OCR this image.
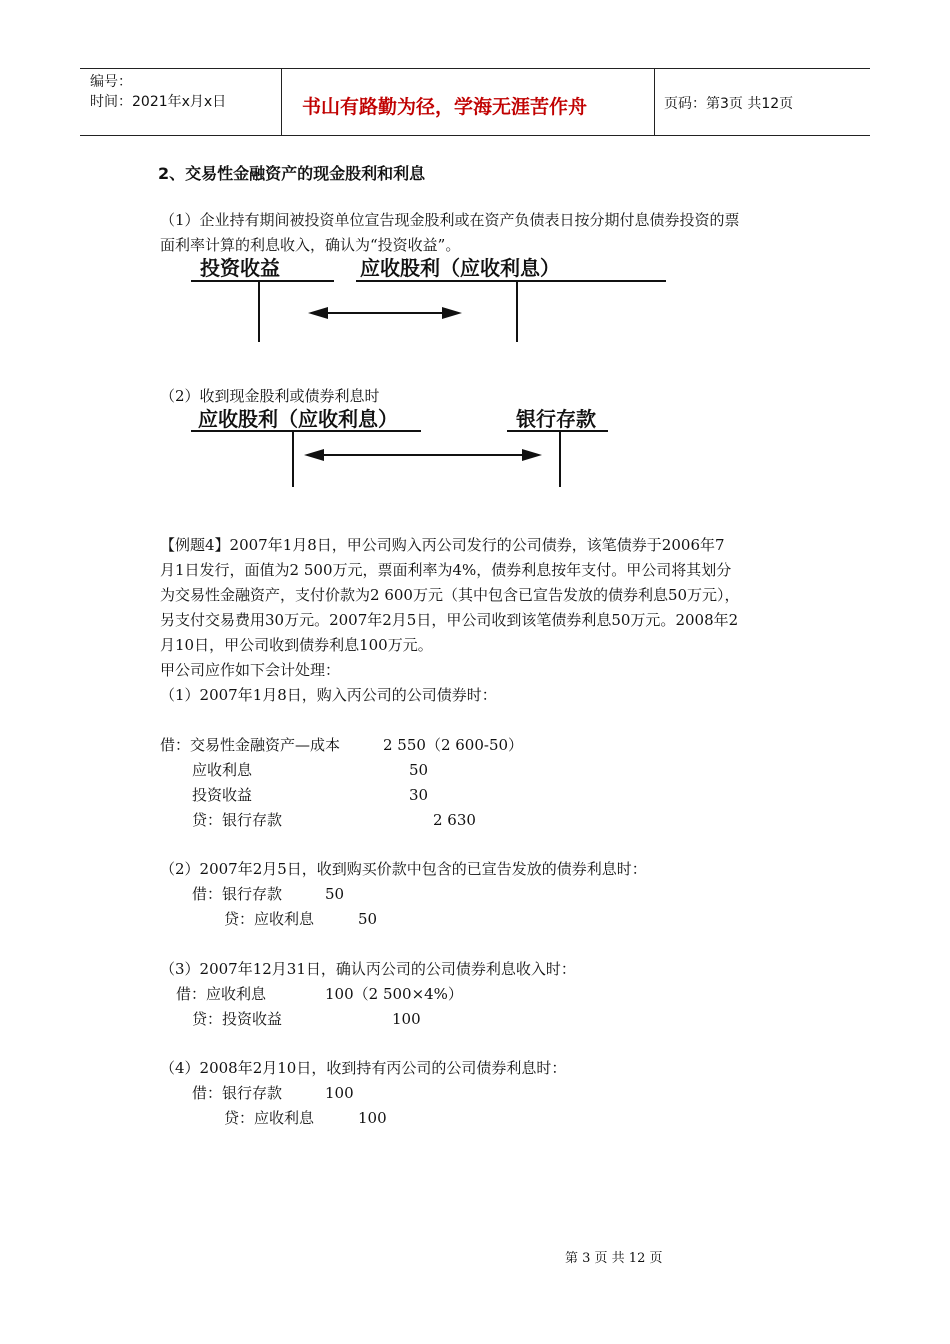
编号：
时间：2021年x月x日	书山有路勤为径，学海无涯苦作舟	页码：第3页 共12页
2、交易性金融资产的现金股利和利息
（1）企业持有期间被投资单位宣告现金股利或在资产负债表日按分期付息债券投资的票
面利率计算的利息收入，确认为“投资收益”。
投资收益	应收股利（应收利息）
（2）收到现金股利或债券利息时
应收股利（应收利息）	银行存款
【例题4】2007年1月8日，甲公司购入丙公司发行的公司债券，该笔债券于2006年7
月1日发行，面值为2 500万元，票面利率为4%，债券利息按年支付。甲公司将其划分
为交易性金融资产，支付价款为2 600万元（其中包含已宣告发放的债券利息50万元），
另支付交易费用30万元。2007年2月5日，甲公司收到该笔债券利息50万元。2008年2
月10日，甲公司收到债券利息100万元。
甲公司应作如下会计处理：
（1）2007年1月8日，购入丙公司的公司债券时：
借：交易性金融资产—成本	2 550（2 600-50）
应收利息	50
投资收益	30
贷：银行存款	2 630
（2）2007年2月5日，收到购买价款中包含的已宣告发放的债券利息时：
借：银行存款	50
贷：应收利息	50
（3）2007年12月31日，确认丙公司的公司债券利息收入时：
借：应收利息	100（2 500×4%）
贷：投资收益	100
（4）2008年2月10日，收到持有丙公司的公司债券利息时：
借：银行存款	100
贷：应收利息	100
第 3 页 共 12 页
